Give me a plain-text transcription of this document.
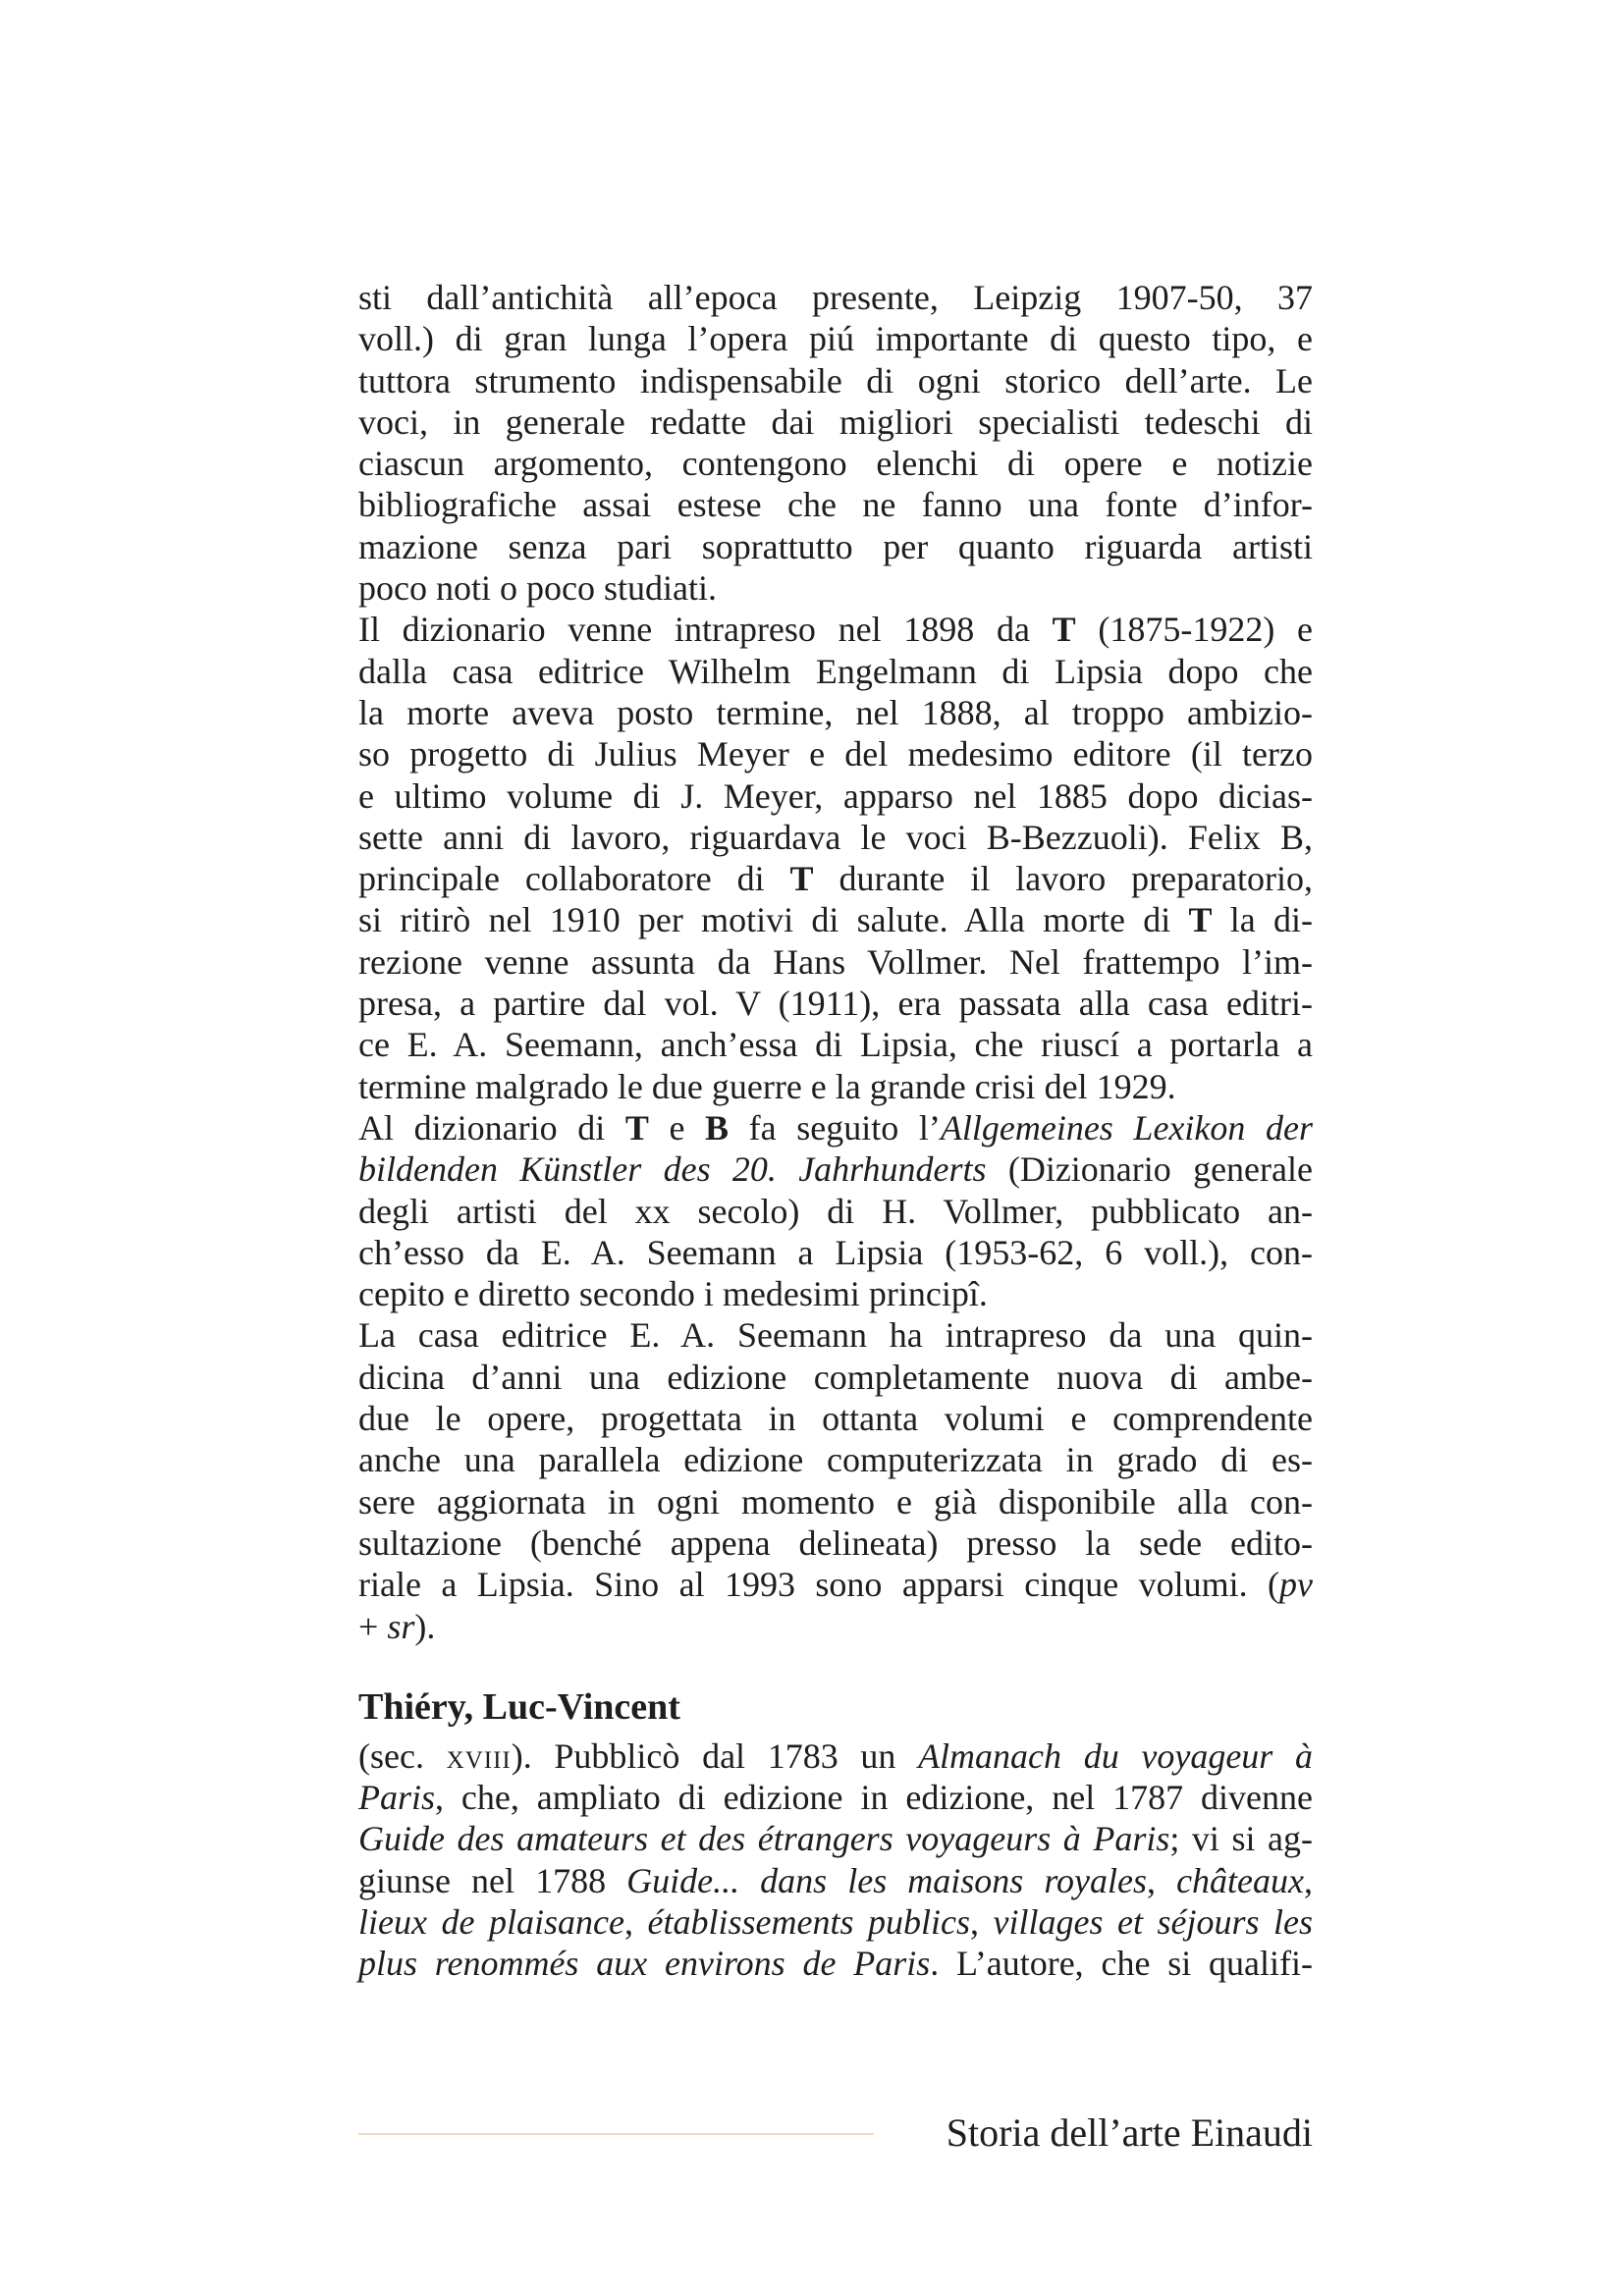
sti dall’antichità all’epoca presente, Leipzig 1907-50, 37
voll.) di gran lunga l’opera piú importante di questo tipo, e
tuttora strumento indispensabile di ogni storico dell’arte. Le
voci, in generale redatte dai migliori specialisti tedeschi di
ciascun argomento, contengono elenchi di opere e notizie
bibliografiche assai estese che ne fanno una fonte d’infor-
mazione senza pari soprattutto per quanto riguarda artisti
poco noti o poco studiati.

Il dizionario venne intrapreso nel 1898 da T (1875-1922) e
dalla casa editrice Wilhelm Engelmann di Lipsia dopo che
la morte aveva posto termine, nel 1888, al troppo ambizio-
so progetto di Julius Meyer e del medesimo editore (il terzo
e ultimo volume di J. Meyer, apparso nel 1885 dopo dicias-
sette anni di lavoro, riguardava le voci B-Bezzuoli). Felix B,
principale collaboratore di T durante il lavoro preparatorio,
si ritirò nel 1910 per motivi di salute. Alla morte di T la di-
rezione venne assunta da Hans Vollmer. Nel frattempo l’im-
presa, a partire dal vol. V (1911), era passata alla casa editri-
ce E. A. Seemann, anch’essa di Lipsia, che riuscí a portarla a
termine malgrado le due guerre e la grande crisi del 1929.

Al dizionario di T e B fa seguito l’Allgemeines Lexikon der
bildenden Künstler des 20. Jahrhunderts (Dizionario generale
degli artisti del xx secolo) di H. Vollmer, pubblicato an-
ch’esso da E. A. Seemann a Lipsia (1953-62, 6 voll.), con-
cepito e diretto secondo i medesimi principî.

La casa editrice E. A. Seemann ha intrapreso da una quin-
dicina d’anni una edizione completamente nuova di ambe-
due le opere, progettata in ottanta volumi e comprendente
anche una parallela edizione computerizzata in grado di es-
sere aggiornata in ogni momento e già disponibile alla con-
sultazione (benché appena delineata) presso la sede edito-
riale a Lipsia. Sino al 1993 sono apparsi cinque volumi. (pv
+ sr).

Thiéry, Luc-Vincent

(sec. xviii). Pubblicò dal 1783 un Almanach du voyageur à
Paris, che, ampliato di edizione in edizione, nel 1787 divenne
Guide des amateurs et des étrangers voyageurs à Paris; vi si ag-
giunse nel 1788 Guide... dans les maisons royales, châteaux,
lieux de plaisance, établissements publics, villages et séjours les
plus renommés aux environs de Paris. L’autore, che si qualifi-

Storia dell’arte Einaudi
